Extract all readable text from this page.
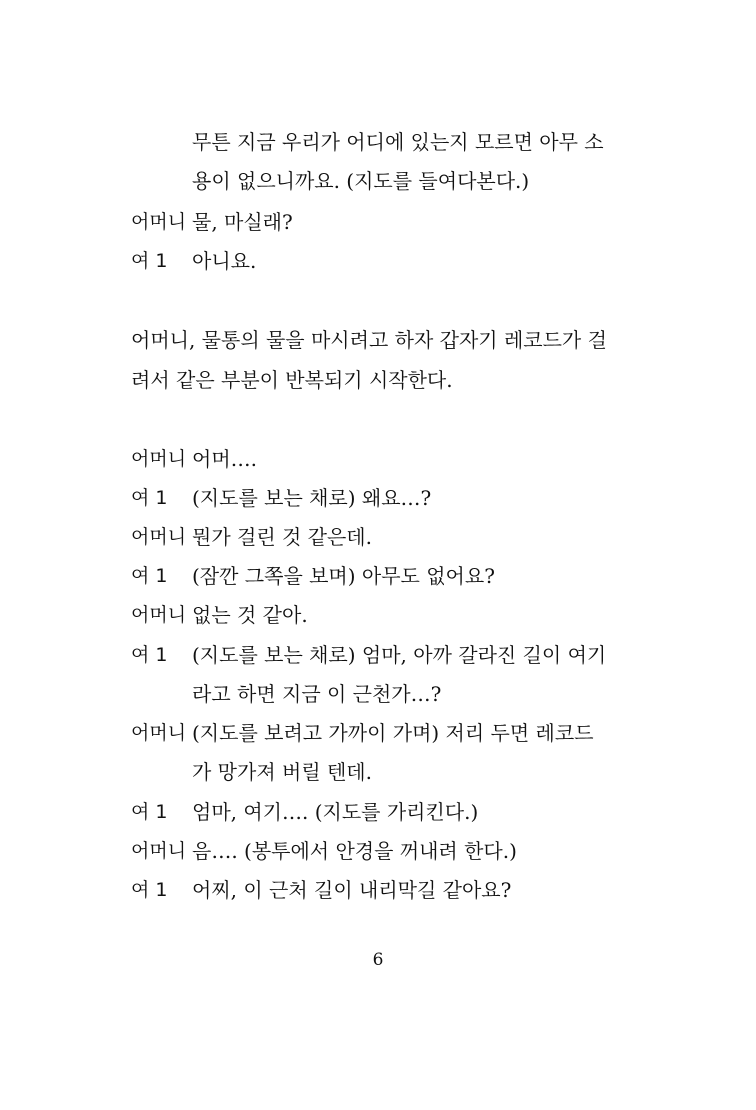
무튼 지금 우리가 어디에 있는지 모르면 아무 소
용이 없으니까요. (지도를 들여다본다.)
어머니 물, 마실래?
여 1 아니요.
어머니, 물통의 물을 마시려고 하자 갑자기 레코드가 걸
려서 같은 부분이 반복되기 시작한다.
어머니 어머….
여 1 (지도를 보는 채로) 왜요…?
어머니 뭔가 걸린 것 같은데.
여 1 (잠깐 그쪽을 보며) 아무도 없어요?
어머니 없는 것 같아.
여 1 (지도를 보는 채로) 엄마, 아까 갈라진 길이 여기
라고 하면 지금 이 근천가…?
어머니 (지도를 보려고 가까이 가며) 저리 두면 레코드
가 망가져 버릴 텐데.
여 1 엄마, 여기…. (지도를 가리킨다.)
어머니 음…. (봉투에서 안경을 꺼내려 한다.)
여 1 어찌, 이 근처 길이 내리막길 같아요?
6
